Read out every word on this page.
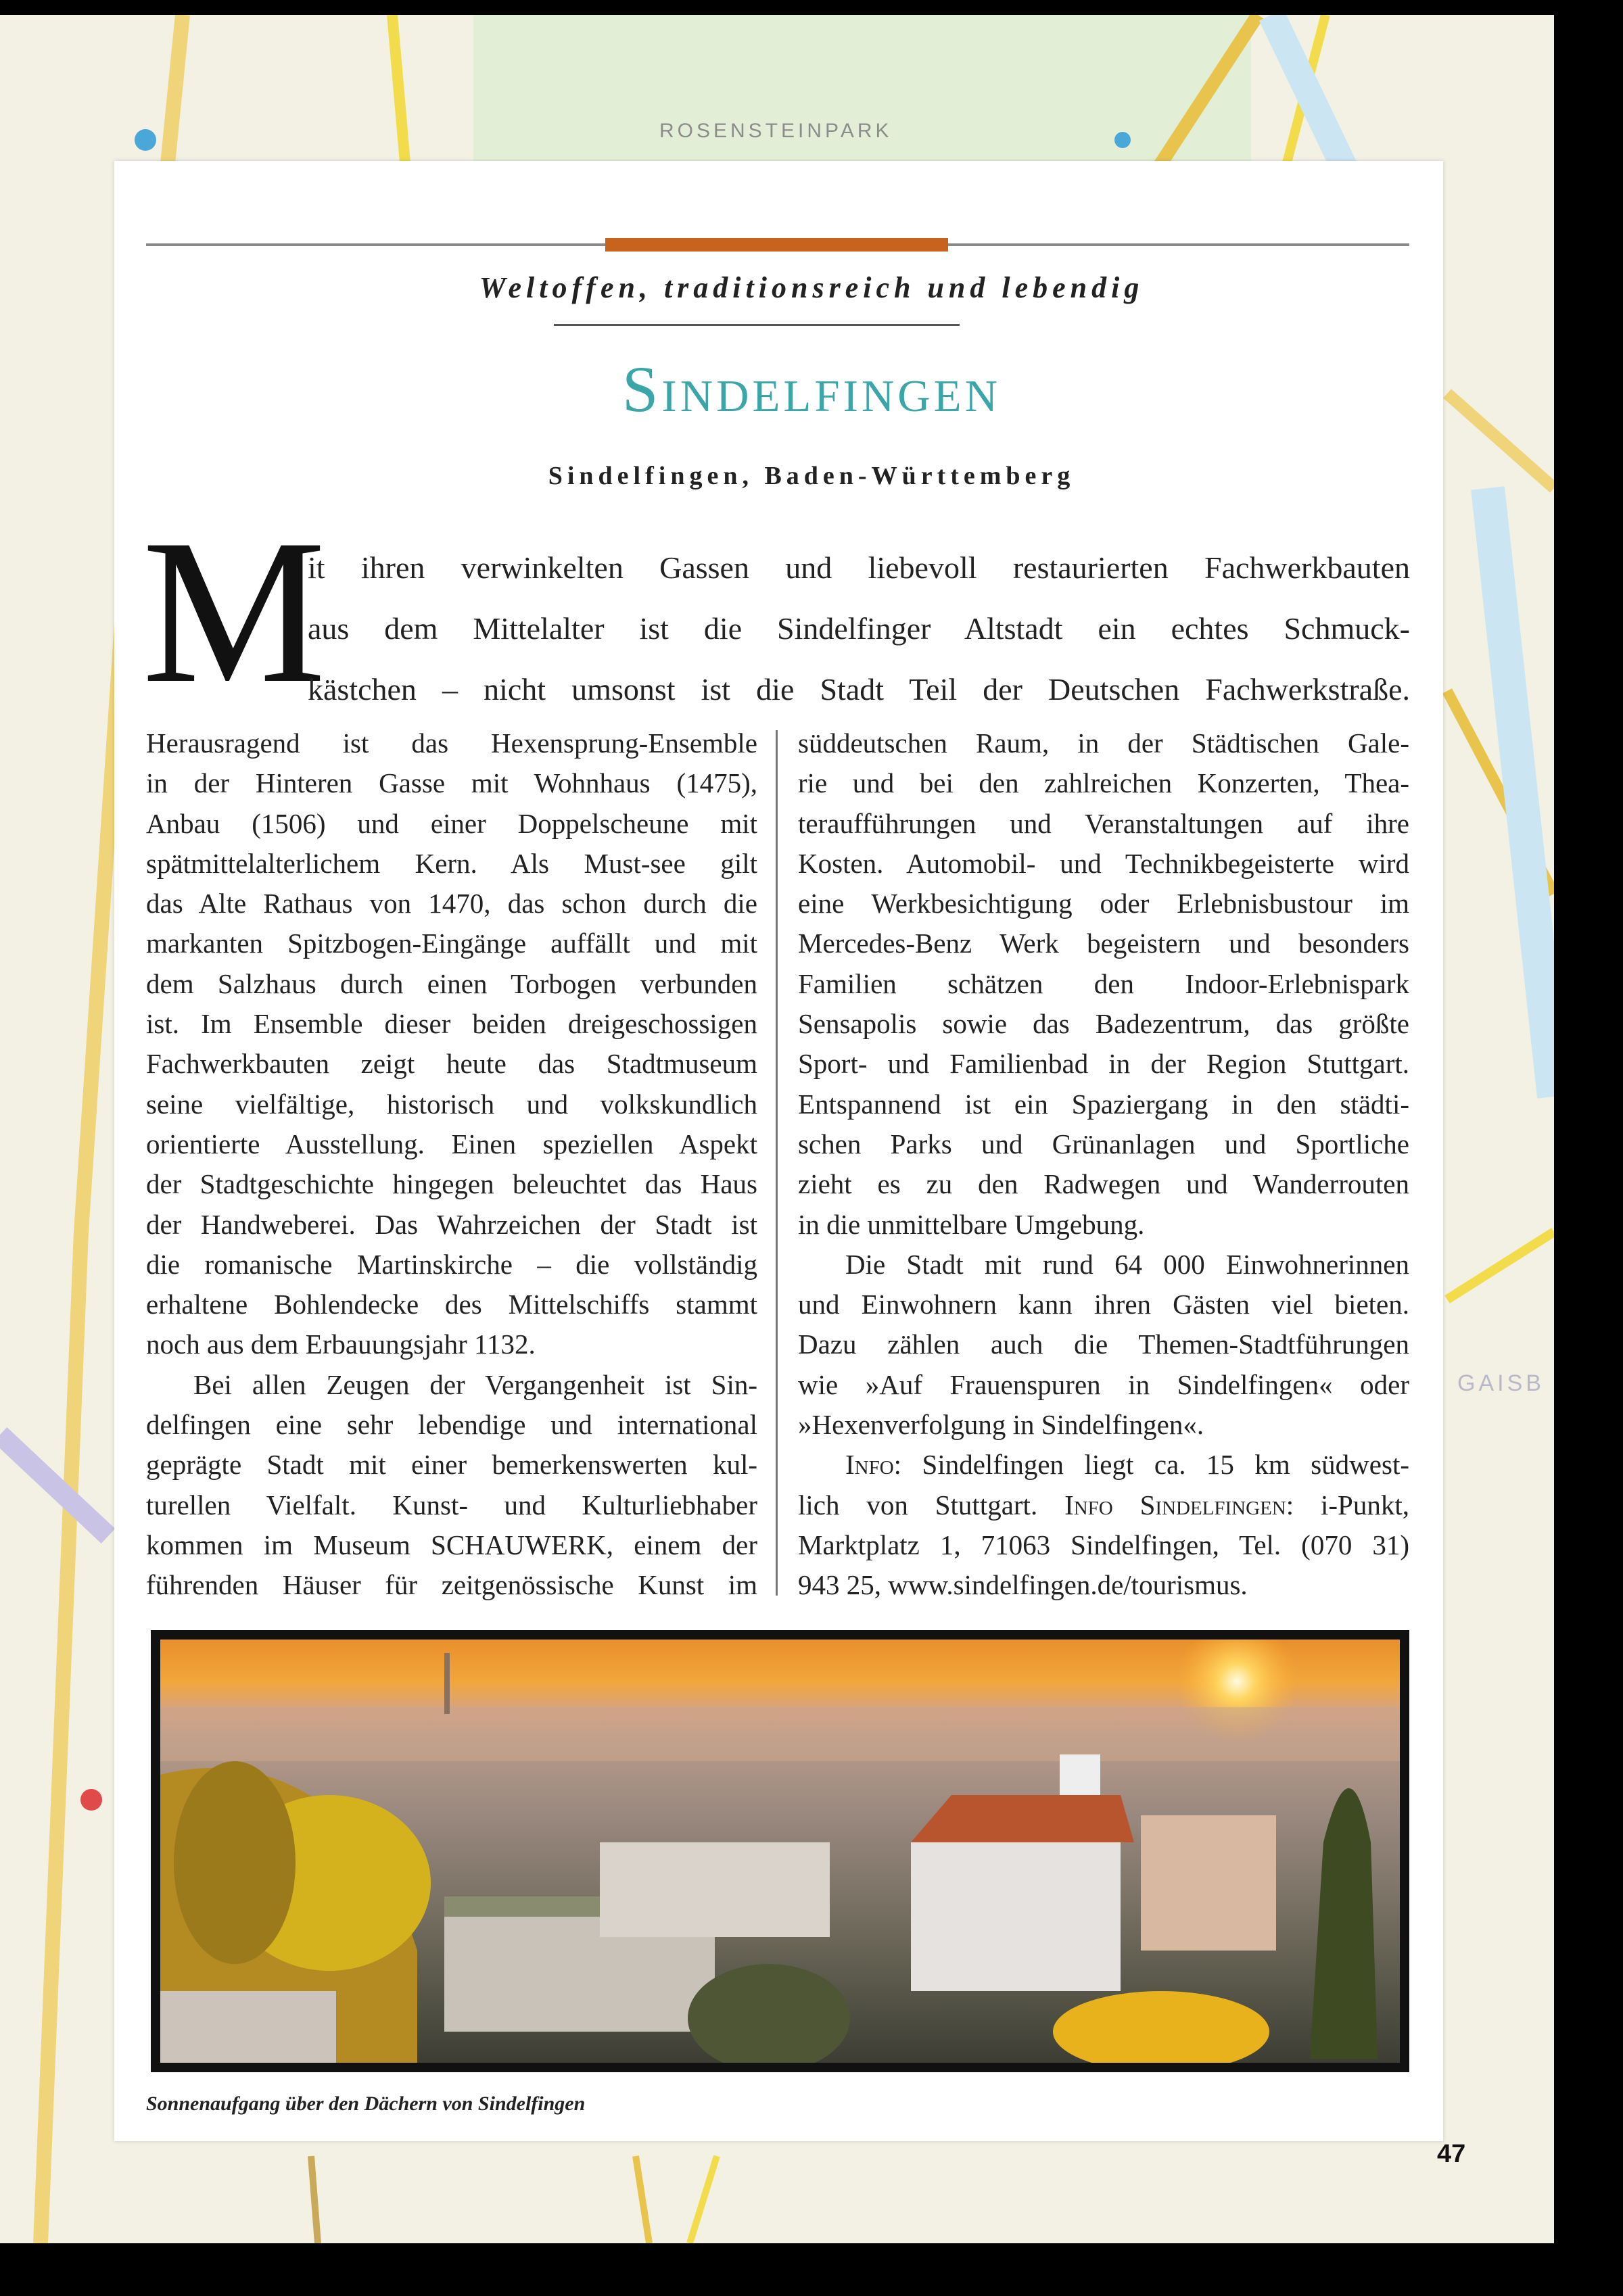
ROSENSTEINPARK
GAISB
Weltoffen, traditionsreich und lebendig
Sindelfingen
Sindelfingen, Baden-Württemberg
M
it ihren verwinkelten Gassen und liebevoll restaurierten Fachwerkbauten
aus dem Mittelalter ist die Sindelfinger Altstadt ein echtes Schmuck-
kästchen – nicht umsonst ist die Stadt Teil der Deutschen Fachwerkstraße.
Herausragend ist das Hexensprung-Ensemble
in der Hinteren Gasse mit Wohnhaus (1475),
Anbau (1506) und einer Doppelscheune mit
spätmittelalterlichem Kern. Als Must-see gilt
das Alte Rathaus von 1470, das schon durch die
markanten Spitzbogen-Eingänge auffällt und mit
dem Salzhaus durch einen Torbogen verbunden
ist. Im Ensemble dieser beiden dreigeschossigen
Fachwerkbauten zeigt heute das Stadtmuseum
seine vielfältige, historisch und volkskundlich
orientierte Ausstellung. Einen speziellen Aspekt
der Stadtgeschichte hingegen beleuchtet das Haus
der Handweberei. Das Wahrzeichen der Stadt ist
die romanische Martinskirche – die vollständig
erhaltene Bohlendecke des Mittelschiffs stammt
noch aus dem Erbauungsjahr 1132.
Bei allen Zeugen der Vergangenheit ist Sin-
delfingen eine sehr lebendige und international
geprägte Stadt mit einer bemerkenswerten kul-
turellen Vielfalt. Kunst- und Kulturliebhaber
kommen im Museum SCHAUWERK, einem der
führenden Häuser für zeitgenössische Kunst im
süddeutschen Raum, in der Städtischen Gale-
rie und bei den zahlreichen Konzerten, Thea-
teraufführungen und Veranstaltungen auf ihre
Kosten. Automobil- und Technikbegeisterte wird
eine Werkbesichtigung oder Erlebnisbustour im
Mercedes-Benz Werk begeistern und besonders
Familien schätzen den Indoor-Erlebnispark
Sensapolis sowie das Badezentrum, das größte
Sport- und Familienbad in der Region Stuttgart.
Entspannend ist ein Spaziergang in den städti-
schen Parks und Grünanlagen und Sportliche
zieht es zu den Radwegen und Wanderrouten
in die unmittelbare Umgebung.
Die Stadt mit rund 64 000 Einwohnerinnen
und Einwohnern kann ihren Gästen viel bieten.
Dazu zählen auch die Themen-Stadtführungen
wie »Auf Frauenspuren in Sindelfingen« oder
»Hexenverfolgung in Sindelfingen«.
Info: Sindelfingen liegt ca. 15 km südwest-
lich von Stuttgart. Info Sindelfingen: i-Punkt,
Marktplatz 1, 71063 Sindelfingen, Tel. (070 31)
943 25, www.sindelfingen.de/tourismus.
Sonnenaufgang über den Dächern von Sindelfingen
47
